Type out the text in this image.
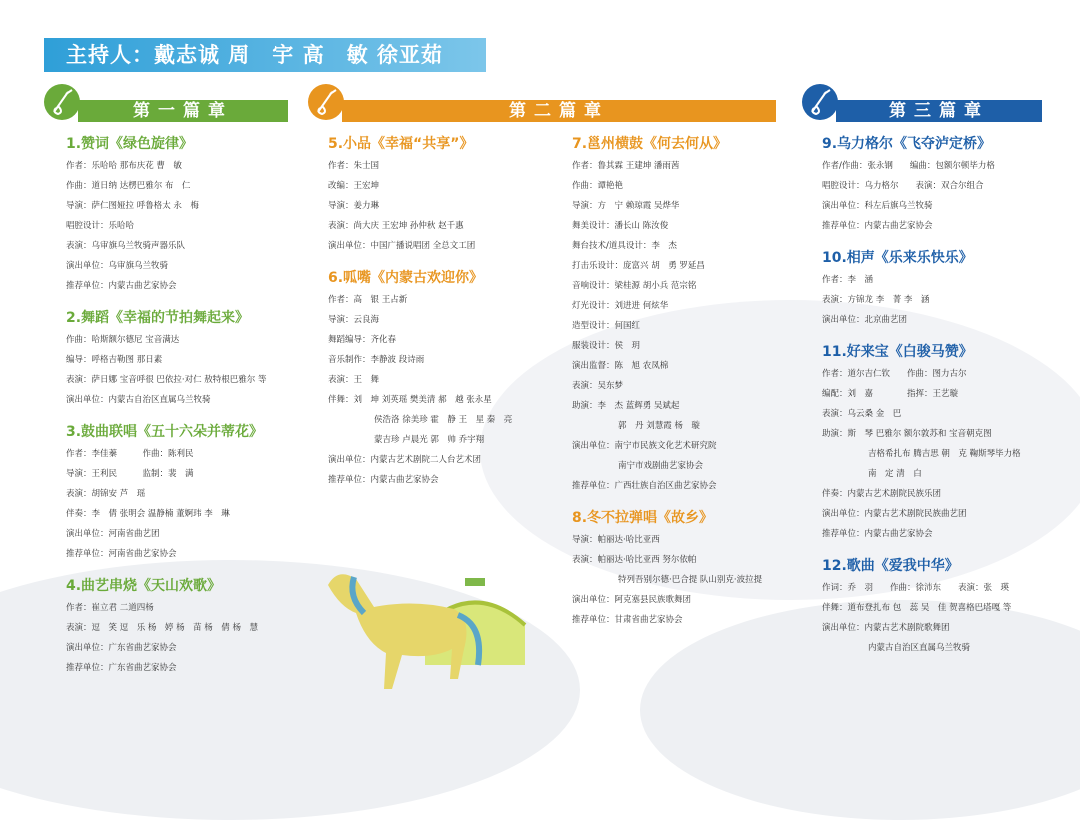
主持人：戴志诚 周　宇 高　敏 徐亚茹
第一篇章	第二篇章	第三篇章
1.赞词《绿色旋律》
作者：乐哈哈 那布庆花 曹　敏
作曲：道日纳 达楞巴雅尔 布　仁
导演：萨仁图娅拉 呼鲁格太 永　梅
唱腔设计：乐哈哈
表演：乌审旗乌兰牧骑声器乐队
演出单位：乌审旗乌兰牧骑
推荐单位：内蒙古曲艺家协会
2.舞蹈《幸福的节拍舞起来》
作曲：哈斯额尔德尼 宝音满达
编导：呼格吉勒图 那日素
表演：萨日娜 宝音呼很 巴依拉·对仁 敖特根巴雅尔 等
演出单位：内蒙古自治区直属乌兰牧骑
3.鼓曲联唱《五十六朵并蒂花》
作者：李佳蓁　　　作曲：陈利民
导演：王利民　　　监制：裴　满
表演：胡锦安 芦　瑶
伴奏：李　倩 张明会 温静楠 董婀玮 李　琳
演出单位：河南省曲艺团
推荐单位：河南省曲艺家协会
4.曲艺串烧《天山欢歌》
作者：崔立君 二道四杨
表演：逗　笑 逗　乐 杨　婷 杨　苗 杨　倩 杨　慧
演出单位：广东省曲艺家协会
推荐单位：广东省曲艺家协会
5.小品《幸福“共享”》
作者：朱士国
改编：王宏坤
导演：姜力琳
表演：尚大庆 王宏坤 孙仲秋 赵千惠
演出单位：中国广播说唱团 全总文工团
6.呱嘴《内蒙古欢迎你》
作者：高　银 王占新
导演：云良海
舞蹈编导：齐化春
音乐制作：李静波 段诗雨
表演：王　舞
伴舞：刘　坤 刘英瑶 樊美清 郝　越 张永星
侯浩洛 徐美珍 霍　静 王　星 秦　亮
蒙吉珍 卢晨光 郭　帅 乔宇翔
演出单位：内蒙古艺术剧院二人台艺术团
推荐单位：内蒙古曲艺家协会
7.邕州横鼓《何去何从》
作者：鲁其霖 王建坤 潘雨茜
作曲：谭艳艳
导演：方　宁 赖琼霞 吴烨华
舞美设计：潘长山 陈汝俊
舞台技术/道具设计：李　杰
打击乐设计：庞富兴 胡　勇 罗延昌
音响设计：梁桂源 胡小兵 范宗铭
灯光设计：刘进进 何炫华
造型设计：何国红
服装设计：侯　玥
演出监督：陈　旭 农凤棉
表演：吴东梦
助演：李　杰 蓝辉勇 吴斌起
郭　丹 刘慧霞 杨　璇
演出单位：南宁市民族文化艺术研究院
南宁市戏剧曲艺家协会
推荐单位：广西壮族自治区曲艺家协会
8.冬不拉弹唱《故乡》
导演：帕丽达·哈比亚西
表演：帕丽达·哈比亚西 努尔依帕
特列吾别尔德·巴合提 队山别克·波拉提
演出单位：阿克塞县民族歌舞团
推荐单位：甘肃省曲艺家协会
9.乌力格尔《飞夺泸定桥》
作者/作曲：张永钢　　编曲：包额尔顿毕力格
唱腔设计：乌力格尔　　表演：双合尔组合
演出单位：科左后旗乌兰牧骑
推荐单位：内蒙古曲艺家协会
10.相声《乐来乐快乐》
作者：李　涵
表演：方锦龙 李　菁 李　涵
演出单位：北京曲艺团
11.好来宝《白骏马赞》
作者：道尔吉仁钦　　作曲：图力古尔
编配：刘　嘉　　　　指挥：王艺璇
表演：乌云桑 金　巴
助演：斯　琴 巴雅尔 额尔敦苏和 宝音朝克图
吉格希扎布 腾吉思 朝　克 鞠斯琴毕力格
南　定 清　白
伴奏：内蒙古艺术剧院民族乐团
演出单位：内蒙古艺术剧院民族曲艺团
推荐单位：内蒙古曲艺家协会
12.歌曲《爱我中华》
作词：乔　羽　　作曲：徐沛东　　表演：张　瑛
伴舞：道布登扎布 包　蕊 吴　佳 贺喜格巴塔嘎 等
演出单位：内蒙古艺术剧院歌舞团
内蒙古自治区直属乌兰牧骑
